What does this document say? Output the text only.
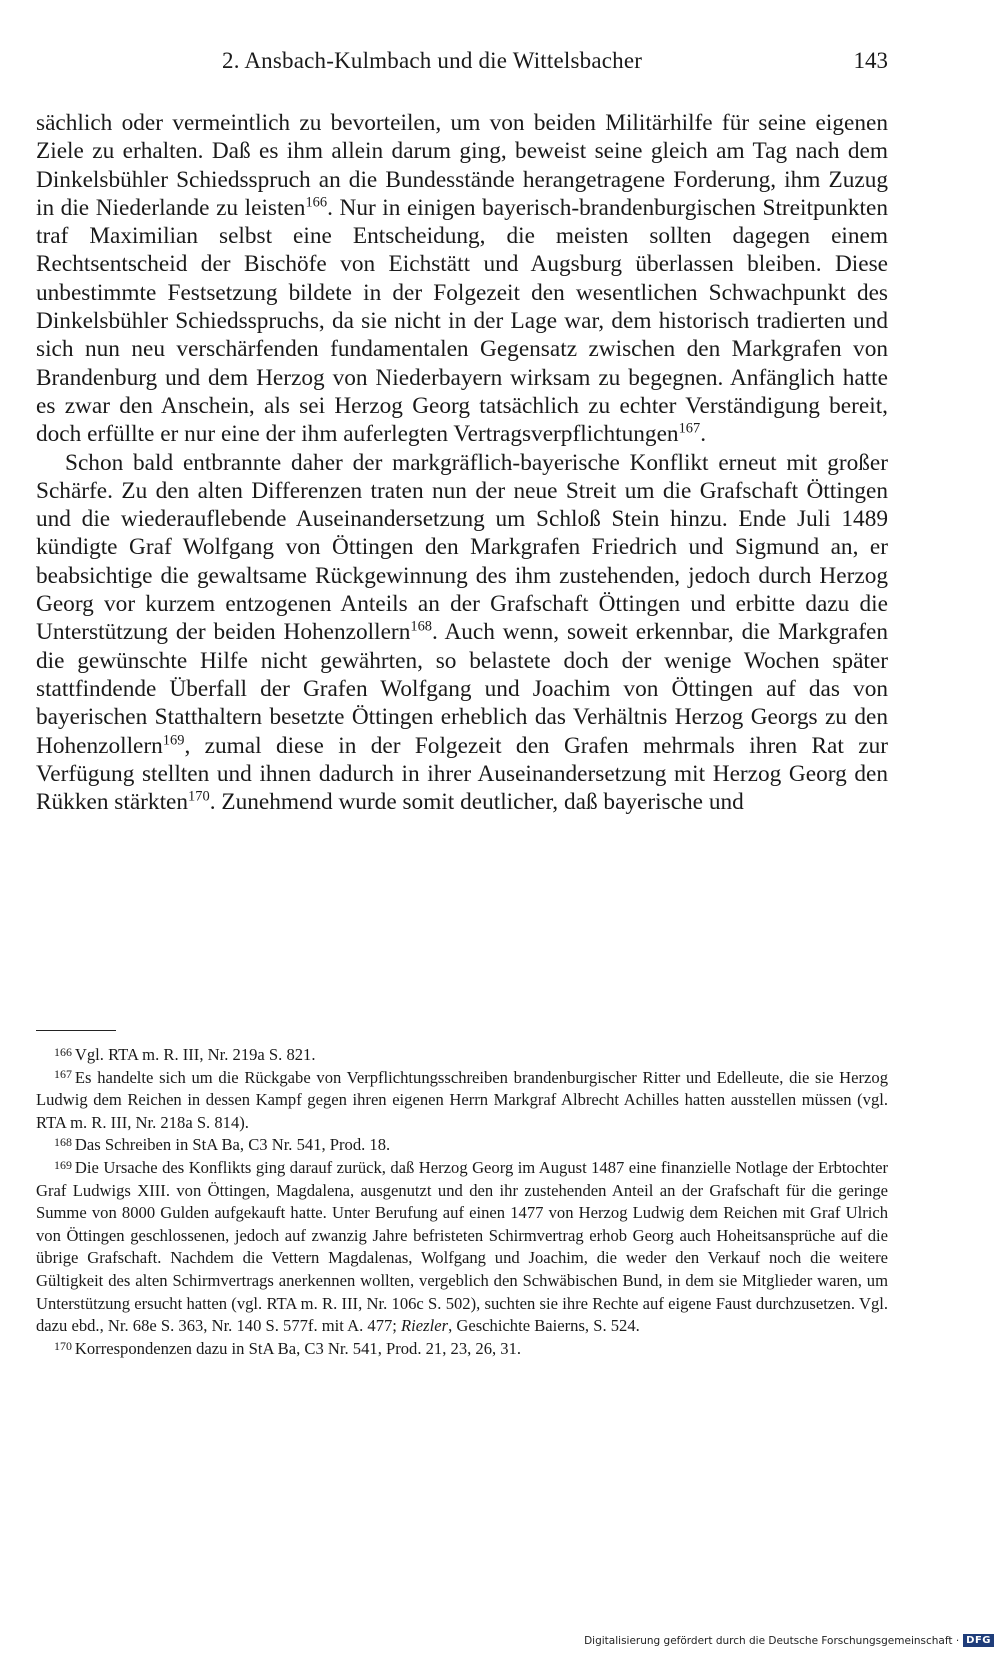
2. Ansbach-Kulmbach und die Wittelsbacher	143

sächlich oder vermeintlich zu bevorteilen, um von beiden Militärhilfe für seine eigenen Ziele zu erhalten. Daß es ihm allein darum ging, beweist seine gleich am Tag nach dem Dinkelsbühler Schiedsspruch an die Bundesstände herangetragene Forderung, ihm Zuzug in die Niederlande zu leisten$^{166}$. Nur in einigen bayerisch-brandenburgischen Streitpunkten traf Maximilian selbst eine Entscheidung, die meisten sollten dagegen einem Rechtsentscheid der Bischöfe von Eichstätt und Augsburg überlassen bleiben. Diese unbestimmte Festsetzung bildete in der Folgezeit den wesentlichen Schwachpunkt des Dinkelsbühler Schiedsspruchs, da sie nicht in der Lage war, dem historisch tradierten und sich nun neu verschärfenden fundamentalen Gegensatz zwischen den Markgrafen von Brandenburg und dem Herzog von Niederbayern wirksam zu begegnen. Anfänglich hatte es zwar den Anschein, als sei Herzog Georg tatsächlich zu echter Verständigung bereit, doch erfüllte er nur eine der ihm auferlegten Vertragsverpflichtungen$^{167}$.

Schon bald entbrannte daher der markgräflich-bayerische Konflikt erneut mit großer Schärfe. Zu den alten Differenzen traten nun der neue Streit um die Grafschaft Öttingen und die wiederauflebende Auseinandersetzung um Schloß Stein hinzu. Ende Juli 1489 kündigte Graf Wolfgang von Öttingen den Markgrafen Friedrich und Sigmund an, er beabsichtige die gewaltsame Rückgewinnung des ihm zustehenden, jedoch durch Herzog Georg vor kurzem entzogenen Anteils an der Grafschaft Öttingen und erbitte dazu die Unterstützung der beiden Hohenzollern$^{168}$. Auch wenn, soweit erkennbar, die Markgrafen die gewünschte Hilfe nicht gewährten, so belastete doch der wenige Wochen später stattfindende Überfall der Grafen Wolfgang und Joachim von Öttingen auf das von bayerischen Statthaltern besetzte Öttingen erheblich das Verhältnis Herzog Georgs zu den Hohenzollern$^{169}$, zumal diese in der Folgezeit den Grafen mehrmals ihren Rat zur Verfügung stellten und ihnen dadurch in ihrer Auseinandersetzung mit Herzog Georg den Rükken stärkten$^{170}$. Zunehmend wurde somit deutlicher, daß bayerische und

$^{166}$ Vgl. RTA m. R. III, Nr. 219a S. 821.

$^{167}$ Es handelte sich um die Rückgabe von Verpflichtungsschreiben brandenburgischer Ritter und Edelleute, die sie Herzog Ludwig dem Reichen in dessen Kampf gegen ihren eigenen Herrn Markgraf Albrecht Achilles hatten ausstellen müssen (vgl. RTA m. R. III, Nr. 218a S. 814).

$^{168}$ Das Schreiben in StA Ba, C3 Nr. 541, Prod. 18.

$^{169}$ Die Ursache des Konflikts ging darauf zurück, daß Herzog Georg im August 1487 eine finanzielle Notlage der Erbtochter Graf Ludwigs XIII. von Öttingen, Magdalena, ausgenutzt und den ihr zustehenden Anteil an der Grafschaft für die geringe Summe von 8000 Gulden aufgekauft hatte. Unter Berufung auf einen 1477 von Herzog Ludwig dem Reichen mit Graf Ulrich von Öttingen geschlossenen, jedoch auf zwanzig Jahre befristeten Schirmvertrag erhob Georg auch Hoheitsansprüche auf die übrige Grafschaft. Nachdem die Vettern Magdalenas, Wolfgang und Joachim, die weder den Verkauf noch die weitere Gültigkeit des alten Schirmvertrags anerkennen wollten, vergeblich den Schwäbischen Bund, in dem sie Mitglieder waren, um Unterstützung ersucht hatten (vgl. RTA m. R. III, Nr. 106c S. 502), suchten sie ihre Rechte auf eigene Faust durchzusetzen. Vgl. dazu ebd., Nr. 68e S. 363, Nr. 140 S. 577f. mit A. 477; Riezler, Geschichte Baierns, S. 524.

$^{170}$ Korrespondenzen dazu in StA Ba, C3 Nr. 541, Prod. 21, 23, 26, 31.

Digitalisierung gefördert durch die Deutsche Forschungsgemeinschaft · DFG
